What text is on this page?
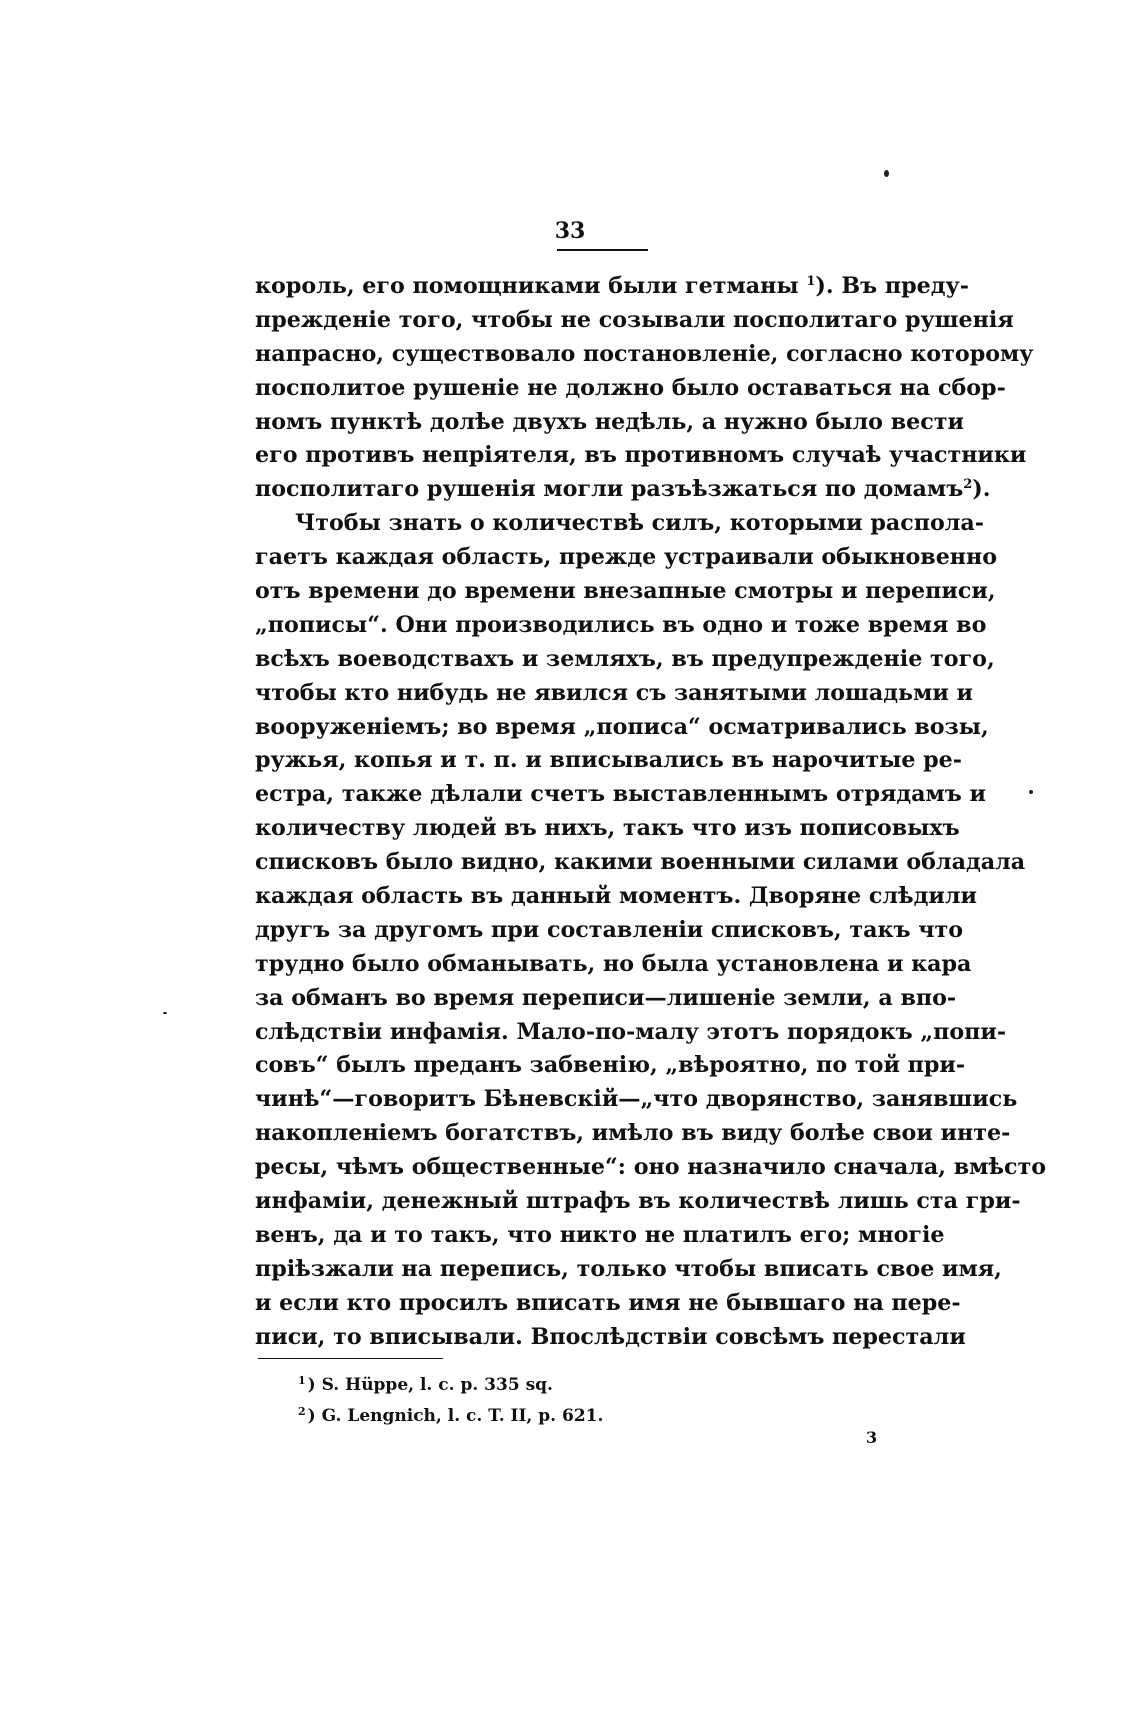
33
король, его помощниками были гетманы $^1$). Въ преду-
прежденіе того, чтобы не созывали посполитаго рушенія
напрасно, существовало постановленіе, согласно которому
посполитое рушеніе не должно было оставаться на сбор-
номъ пунктѣ долѣе двухъ недѣль, а нужно было вести
его противъ непріятеля, въ противномъ случаѣ участники
посполитаго рушенія могли разъѣзжаться по домамъ$^2$).
Чтобы знать о количествѣ силъ, которыми распола-
гаетъ каждая область, прежде устраивали обыкновенно
отъ времени до времени внезапные смотры и переписи,
„пописы“. Они производились въ одно и тоже время во
всѣхъ воеводствахъ и земляхъ, въ предупрежденіе того,
чтобы кто нибудь не явился съ занятыми лошадьми и
вооруженіемъ; во время „пописа“ осматривались возы,
ружья, копья и т. п. и вписывались въ нарочитые ре-
естра, также дѣлали счетъ выставленнымъ отрядамъ и
количеству людей въ нихъ, такъ что изъ пописовыхъ
списковъ было видно, какими военными силами обладала
каждая область въ данный моментъ. Дворяне слѣдили
другъ за другомъ при составленіи списковъ, такъ что
трудно было обманывать, но была установлена и кара
за обманъ во время переписи—лишеніе земли, а впо-
слѣдствіи инфамія. Мало-по-малу этотъ порядокъ „попи-
совъ“ былъ преданъ забвенію, „вѣроятно, по той при-
чинѣ“—говоритъ Бѣневскій—„что дворянство, занявшись
накопленіемъ богатствъ, имѣло въ виду болѣе свои инте-
ресы, чѣмъ общественные“: оно назначило сначала, вмѣсто
инфаміи, денежный штрафъ въ количествѣ лишь ста гри-
венъ, да и то такъ, что никто не платилъ его; многіе
пріѣзжали на перепись, только чтобы вписать свое имя,
и если кто просилъ вписать имя не бывшаго на пере-
писи, то вписывали. Впослѣдствіи совсѣмъ перестали
$^1$ ) S. Hüppe, l. c. p. 335 sq.
$^2$ ) G. Lengnich, l. c. T. II, p. 621.
3
